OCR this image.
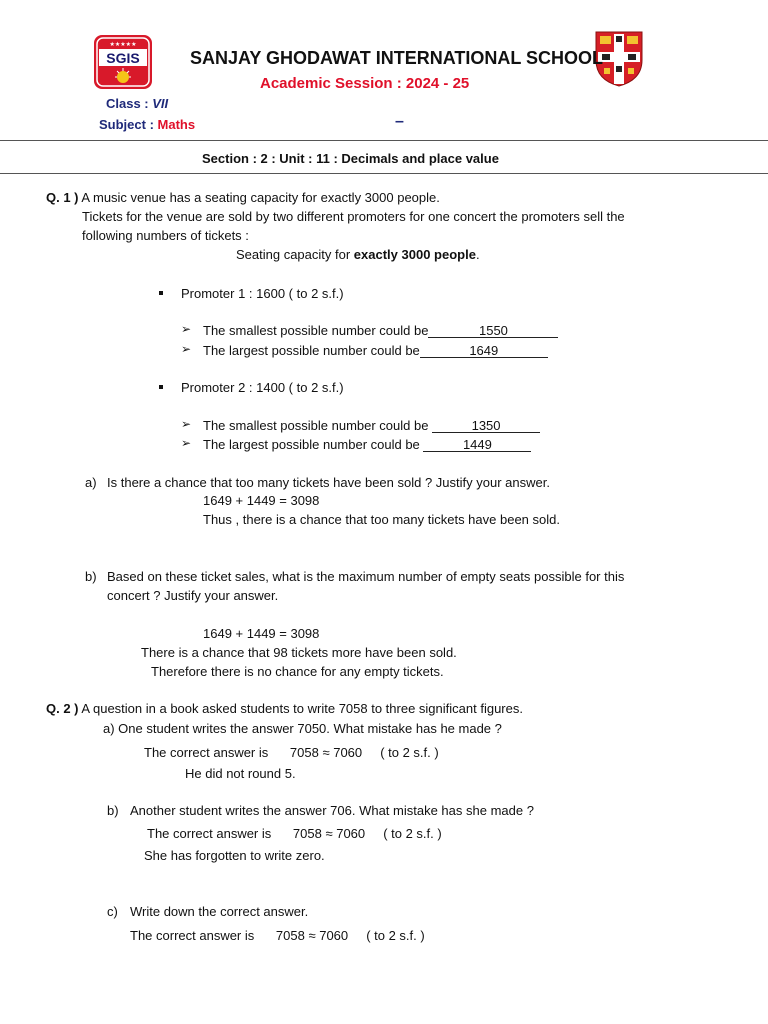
★★★★★
SGIS	SANJAY GHODAWAT INTERNATIONAL SCHOOL
Academic Session : 2024 - 25
Class : VII
Subject : Maths	–
Section : 2 : Unit : 11 : Decimals and place value
Q. 1 ) A music venue has a seating capacity for exactly 3000 people.
Tickets for the venue are sold by two different promoters for one concert the promoters sell the
following numbers of tickets :
Seating capacity for exactly 3000 people.
Promoter 1 : 1600 ( to 2 s.f.)
➢ The smallest possible number could be	1550
➢ The largest possible number could be	1649
Promoter 2 : 1400 ( to 2 s.f.)
➢ The smallest possible number could be	1350
➢ The largest possible number could be	1449
a) Is there a chance that too many tickets have been sold ? Justify your answer.
1649 + 1449 = 3098
Thus , there is a chance that too many tickets have been sold.
b) Based on these ticket sales, what is the maximum number of empty seats possible for this
concert ? Justify your answer.
1649 + 1449 = 3098
There is a chance that 98 tickets more have been sold.
Therefore there is no chance for any empty tickets.
Q. 2 ) A question in a book asked students to write 7058 to three significant figures.
a) One student writes the answer 7050. What mistake has he made ?
The correct answer is      7058 ≈ 7060     ( to 2 s.f. )
He did not round 5.
b) Another student writes the answer 706. What mistake has she made ?
The correct answer is      7058 ≈ 7060     ( to 2 s.f. )
She has forgotten to write zero.
c) Write down the correct answer.
The correct answer is      7058 ≈ 7060     ( to 2 s.f. )
